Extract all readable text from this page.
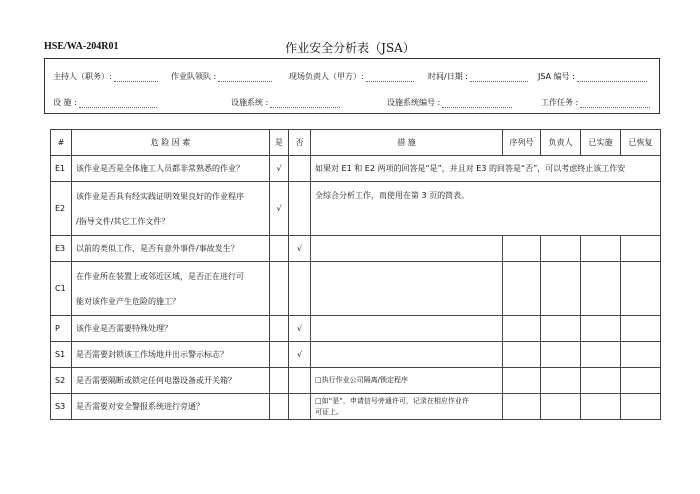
HSE/WA-204R01	作业安全分析表（JSA）
主持人（职务）:	作业队领队 :	现场负责人（甲方）:	时间/日期 :	JSA 编号 :
设 施 :	设施系统 :	设施系统编号 :	工作任务 :
#	危 险 因 素	是	否	措 施	序列号	负责人	已实施	已恢复
E1	该作业是否是全体施工人员都非常熟悉的作业？	√		如果对 E1 和 E2 两项的回答是“是”，并且对 E3 的回答是“否”，可以考虑终止该工作安				
E2	该作业是否具有经实践证明效果良好的作业程序
/指导文件/其它工作文件？	√		全综合分析工作，而使用在第 3 页的筒表。				
E3	以前的类似工作，是否有意外事件/事故发生？		√					
C1	在作业所在装置上或邻近区域，是否正在进行可
能对该作业产生危险的施工？							

P	该作业是否需要特殊处理？		√					
S1	是否需要封锁该工作场地并出示警示标志？		√					
S2	是否需要隔断或锁定任何电器设备或开关箱？			□执行作业公司隔离/锁定程序				

S3	是否需要对安全警报系统进行旁通？			□如“是”，申请信号旁通许可，记录在相应作业许
可证上。				
